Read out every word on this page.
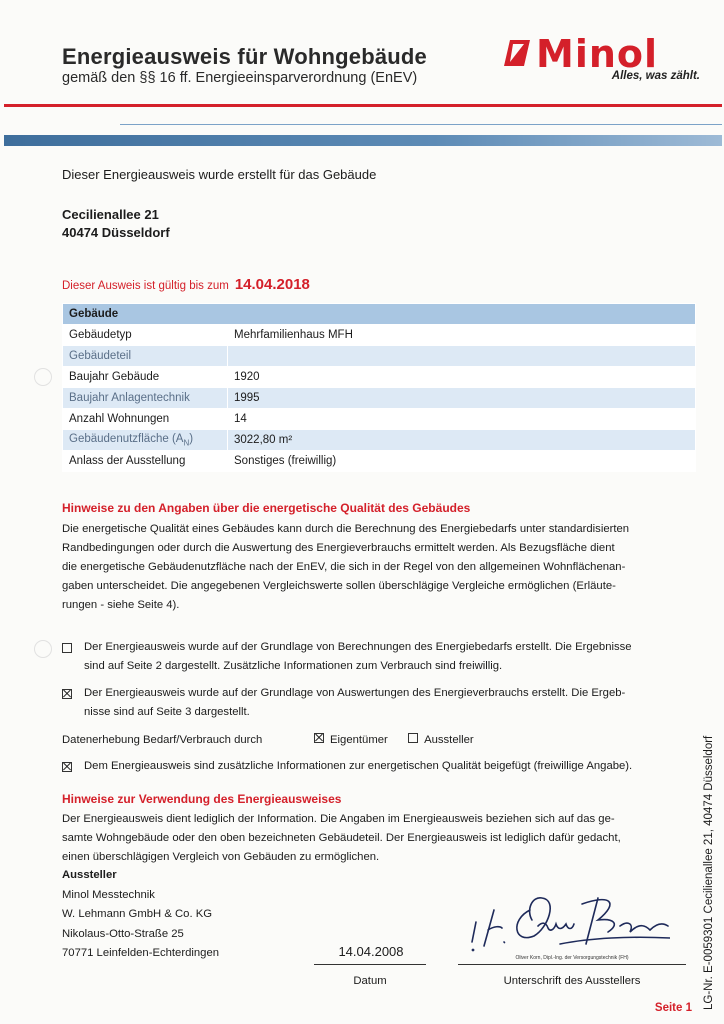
Energieausweis für Wohngebäude
gemäß den §§ 16 ff. Energieeinsparverordnung (EnEV)
Minol
Alles, was zählt.
Dieser Energieausweis wurde erstellt für das Gebäude
Cecilienallee 21
40474 Düsseldorf
Dieser Ausweis ist gültig bis zum 14.04.2018
Gebäude	
Gebäudetyp	Mehrfamilienhaus MFH
Gebäudeteil	
Baujahr Gebäude	1920
Baujahr Anlagentechnik	1995
Anzahl Wohnungen	14
Gebäudenutzfläche $(A_N)$	3022,80 m²
Anlass der Ausstellung	Sonstiges (freiwillig)
Hinweise zu den Angaben über die energetische Qualität des Gebäudes
Die energetische Qualität eines Gebäudes kann durch die Berechnung des Energiebedarfs unter standardisierten
Randbedingungen oder durch die Auswertung des Energieverbrauchs ermittelt werden. Als Bezugsfläche dient
die energetische Gebäudenutzfläche nach der EnEV, die sich in der Regel von den allgemeinen Wohnflächenan-
gaben unterscheidet. Die angegebenen Vergleichswerte sollen überschlägige Vergleiche ermöglichen (Erläute-
rungen - siehe Seite 4).
Der Energieausweis wurde auf der Grundlage von Berechnungen des Energiebedarfs erstellt. Die Ergebnisse
sind auf Seite 2 dargestellt. Zusätzliche Informationen zum Verbrauch sind freiwillig.
Der Energieausweis wurde auf der Grundlage von Auswertungen des Energieverbrauchs erstellt. Die Ergeb-
nisse sind auf Seite 3 dargestellt.
Datenerhebung Bedarf/Verbrauch durch	Eigentümer	Aussteller
Dem Energieausweis sind zusätzliche Informationen zur energetischen Qualität beigefügt (freiwillige Angabe).
Hinweise zur Verwendung des Energieausweises
Der Energieausweis dient lediglich der Information. Die Angaben im Energieausweis beziehen sich auf das ge-
samte Wohngebäude oder den oben bezeichneten Gebäudeteil. Der Energieausweis ist lediglich dafür gedacht,
einen überschlägigen Vergleich von Gebäuden zu ermöglichen.
Aussteller
Minol Messtechnik
W. Lehmann GmbH & Co. KG
Nikolaus-Otto-Straße 25
70771 Leinfelden-Echterdingen	14.04.2008
Datum
Oliver Korn, Dipl.-Ing. der Versorgungstechnik (FH)
Unterschrift des Ausstellers
Seite 1 LG-Nr. E-0059301 Cecilienallee 21, 40474 Düsseldorf
